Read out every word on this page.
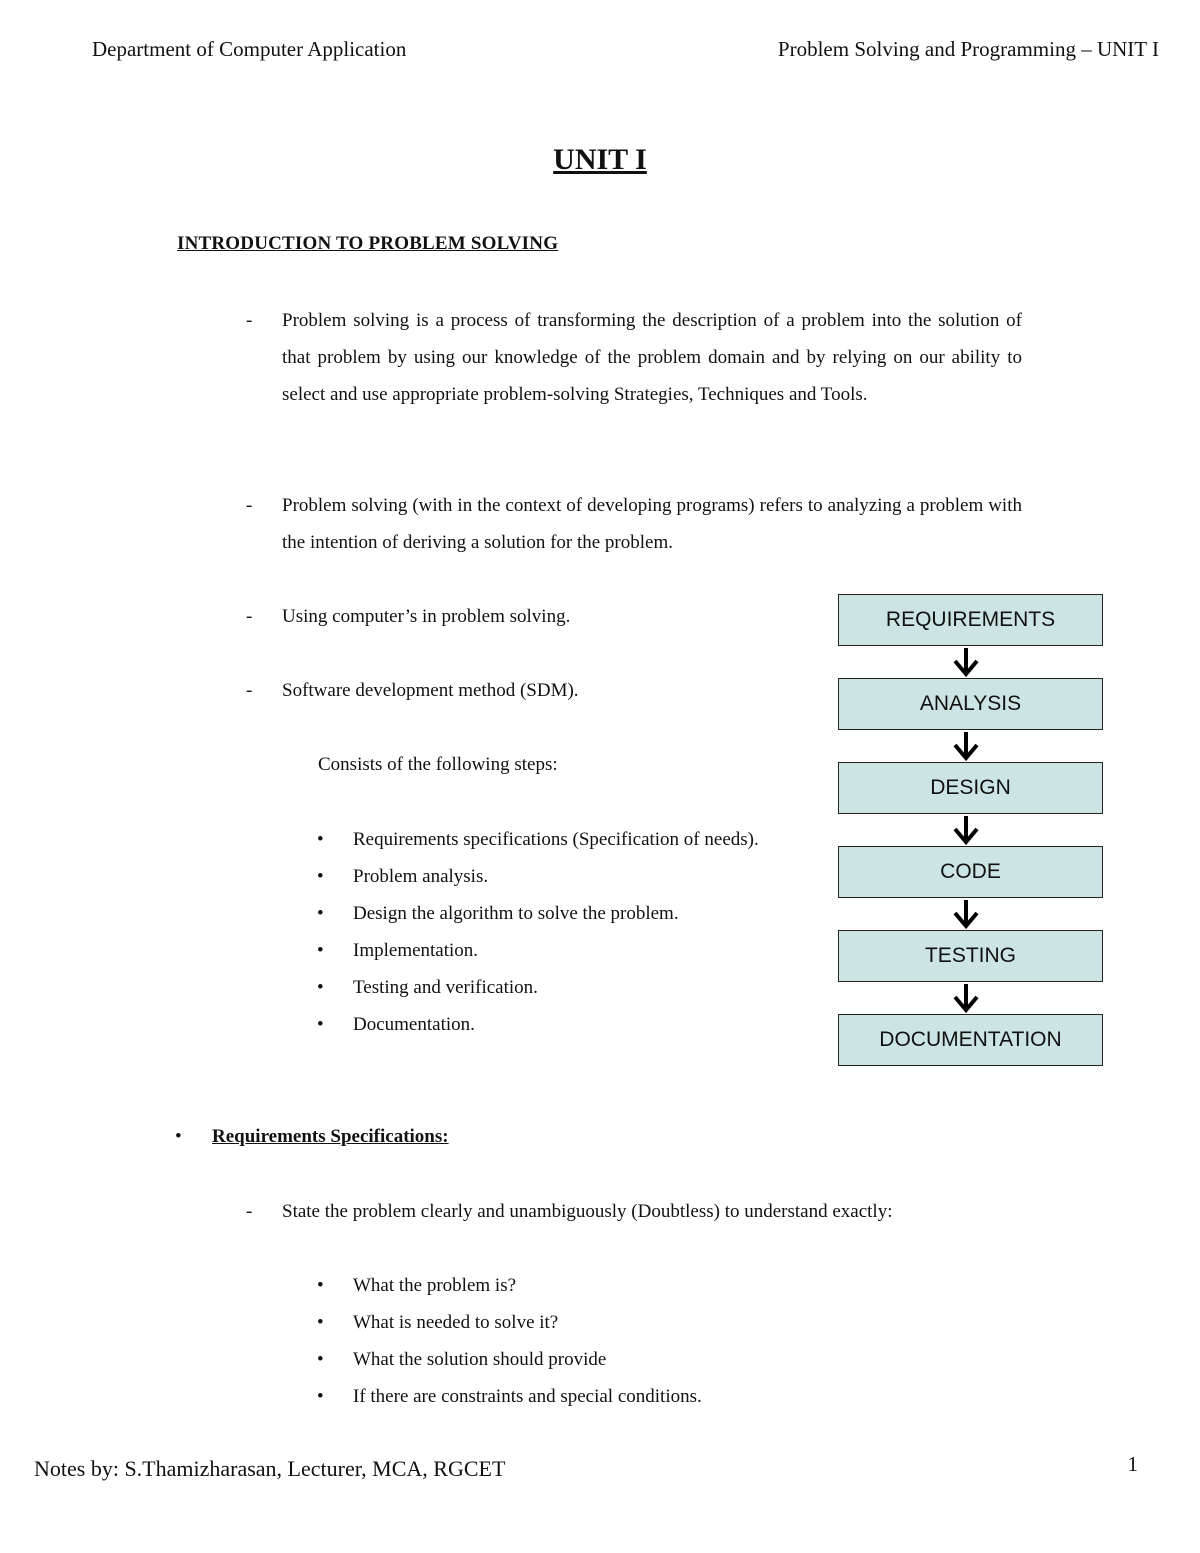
Department of Computer Application	Problem Solving and Programming – UNIT I
UNIT I
INTRODUCTION TO PROBLEM SOLVING
- Problem solving is a process of transforming the description of a problem into the solution of that problem by using our knowledge of the problem domain and by relying on our ability to select and use appropriate problem-solving Strategies, Techniques and Tools.
- Problem solving (with in the context of developing programs) refers to analyzing a problem with the intention of deriving a solution for the problem.
- Using computer’s in problem solving.
- Software development method (SDM).
Consists of the following steps:
• Requirements specifications (Specification of needs).
• Problem analysis.
• Design the algorithm to solve the problem.
• Implementation.
• Testing and verification.
• Documentation.
REQUIREMENTS
ANALYSIS
DESIGN
CODE
TESTING
DOCUMENTATION
• Requirements Specifications:
- State the problem clearly and unambiguously (Doubtless) to understand exactly:
• What the problem is?
• What is needed to solve it?
• What the solution should provide
• If there are constraints and special conditions.
Notes by: S.Thamizharasan, Lecturer, MCA, RGCET	1
